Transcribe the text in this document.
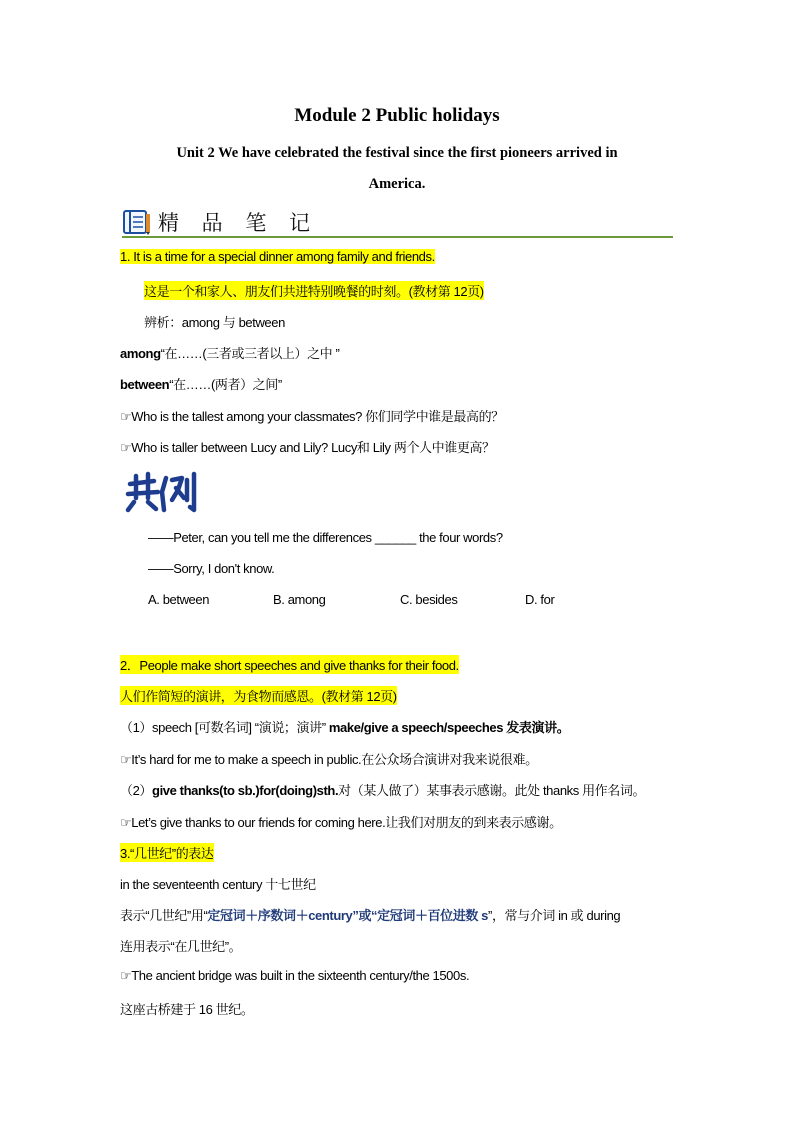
Module 2 Public holidays
Unit 2 We have celebrated the festival since the first pioneers arrived in
America.
精 品 笔 记
1. It is a time for a special dinner among family and friends.
这是一个和家人、朋友们共进特别晚餐的时刻。(教材第 12页)
辨析：among 与 between
among“在……(三者或三者以上）之中 ”
between“在……(两者）之间”
☞Who is the tallest among your classmates? 你们同学中谁是最高的？
☞Who is taller between Lucy and Lily? Lucy和 Lily 两个人中谁更高？
典例
——Peter, can you tell me the differences ______ the four words?
——Sorry, I don't know.
A. between	B. among	C. besides	D. for
2．People make short speeches and give thanks for their food.
人们作简短的演讲，为食物而感恩。(教材第 12页)
（1）speech [可数名词] “演说；演讲” make/give a speech/speeches 发表演讲。
☞It’s hard for me to make a speech in public.在公众场合演讲对我来说很难。
（2）give thanks(to sb.)for(doing)sth.对（某人做了）某事表示感谢。此处 thanks 用作名词。
☞Let’s give thanks to our friends for coming here.让我们对朋友的到来表示感谢。
3.“几世纪”的表达
in the seventeenth century 十七世纪
表示“几世纪”用“定冠词＋序数词＋century”或“定冠词＋百位进数 s”，常与介词 in 或 during
连用表示“在几世纪”。
☞The ancient bridge was built in the sixteenth century/the 1500s.
这座古桥建于 16 世纪。
